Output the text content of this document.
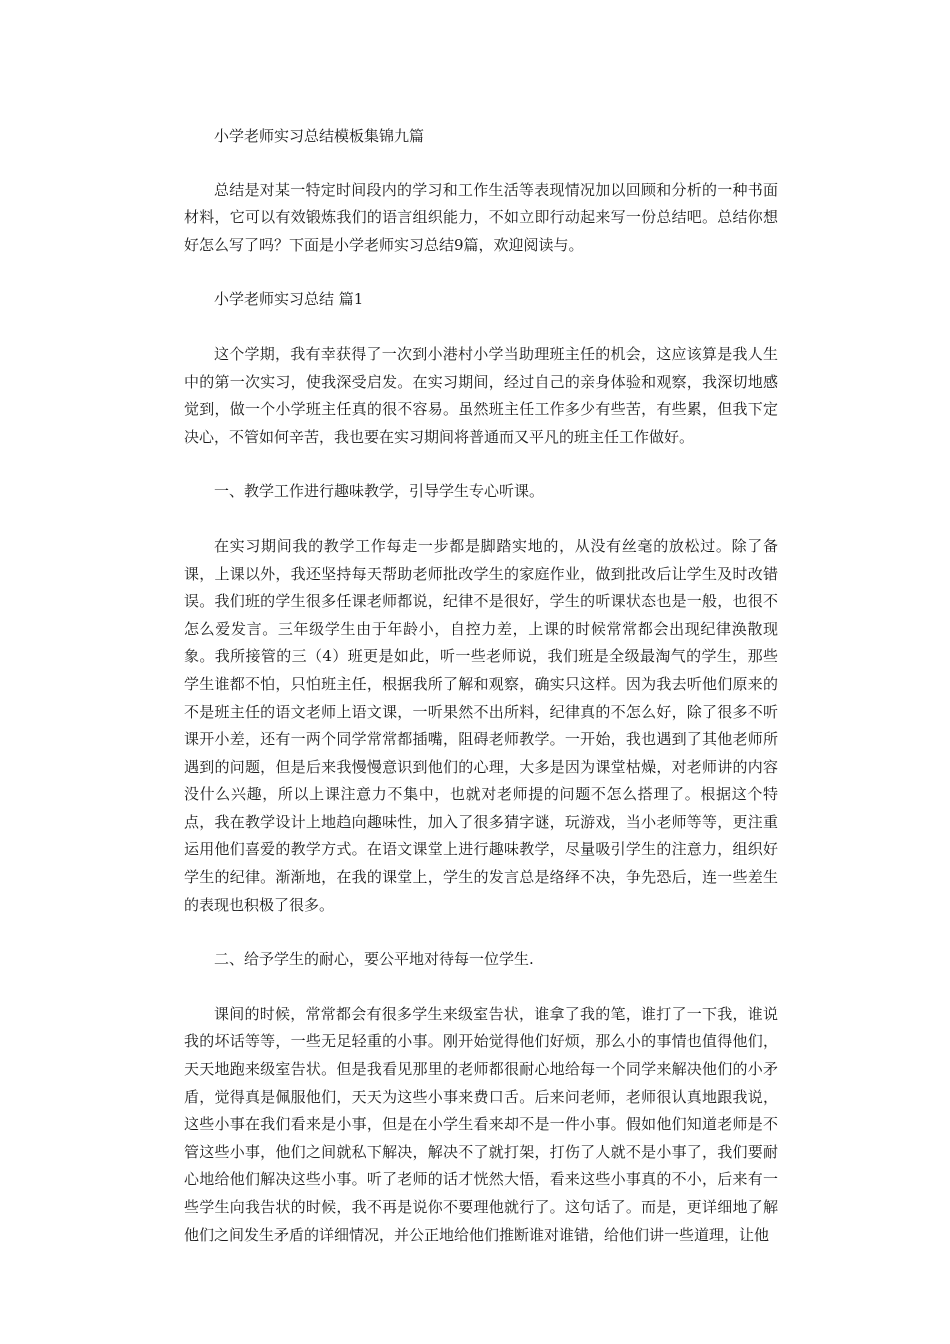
小学老师实习总结模板集锦九篇
总结是对某一特定时间段内的学习和工作生活等表现情况加以回顾和分析的一种书面材料，它可以有效锻炼我们的语言组织能力，不如立即行动起来写一份总结吧。总结你想好怎么写了吗？下面是小学老师实习总结9篇，欢迎阅读与。
小学老师实习总结 篇1
这个学期，我有幸获得了一次到小港村小学当助理班主任的机会，这应该算是我人生中的第一次实习，使我深受启发。在实习期间，经过自己的亲身体验和观察，我深切地感觉到，做一个小学班主任真的很不容易。虽然班主任工作多少有些苦，有些累，但我下定决心，不管如何辛苦，我也要在实习期间将普通而又平凡的班主任工作做好。
一、教学工作进行趣味教学，引导学生专心听课。
在实习期间我的教学工作每走一步都是脚踏实地的，从没有丝毫的放松过。除了备课，上课以外，我还坚持每天帮助老师批改学生的家庭作业，做到批改后让学生及时改错误。我们班的学生很多任课老师都说，纪律不是很好，学生的听课状态也是一般，也很不怎么爱发言。三年级学生由于年龄小，自控力差，上课的时候常常都会出现纪律涣散现象。我所接管的三（4）班更是如此，听一些老师说，我们班是全级最淘气的学生，那些学生谁都不怕，只怕班主任，根据我所了解和观察，确实只这样。因为我去听他们原来的不是班主任的语文老师上语文课，一听果然不出所料，纪律真的不怎么好，除了很多不听课开小差，还有一两个同学常常都插嘴，阻碍老师教学。一开始，我也遇到了其他老师所遇到的问题，但是后来我慢慢意识到他们的心理，大多是因为课堂枯燥，对老师讲的内容没什么兴趣，所以上课注意力不集中，也就对老师提的问题不怎么搭理了。根据这个特点，我在教学设计上地趋向趣味性，加入了很多猜字谜，玩游戏，当小老师等等，更注重运用他们喜爱的教学方式。在语文课堂上进行趣味教学，尽量吸引学生的注意力，组织好学生的纪律。渐渐地，在我的课堂上，学生的发言总是络绎不决，争先恐后，连一些差生的表现也积极了很多。
二、给予学生的耐心，要公平地对待每一位学生.
课间的时候，常常都会有很多学生来级室告状，谁拿了我的笔，谁打了一下我，谁说我的坏话等等，一些无足轻重的小事。刚开始觉得他们好烦，那么小的事情也值得他们，天天地跑来级室告状。但是我看见那里的老师都很耐心地给每一个同学来解决他们的小矛盾，觉得真是佩服他们，天天为这些小事来费口舌。后来问老师，老师很认真地跟我说，这些小事在我们看来是小事，但是在小学生看来却不是一件小事。假如他们知道老师是不管这些小事，他们之间就私下解决，解决不了就打架，打伤了人就不是小事了，我们要耐心地给他们解决这些小事。听了老师的话才恍然大悟，看来这些小事真的不小，后来有一些学生向我告状的时候，我不再是说你不要理他就行了。这句话了。而是，更详细地了解他们之间发生矛盾的详细情况，并公正地给他们推断谁对谁错，给他们讲一些道理，让他
